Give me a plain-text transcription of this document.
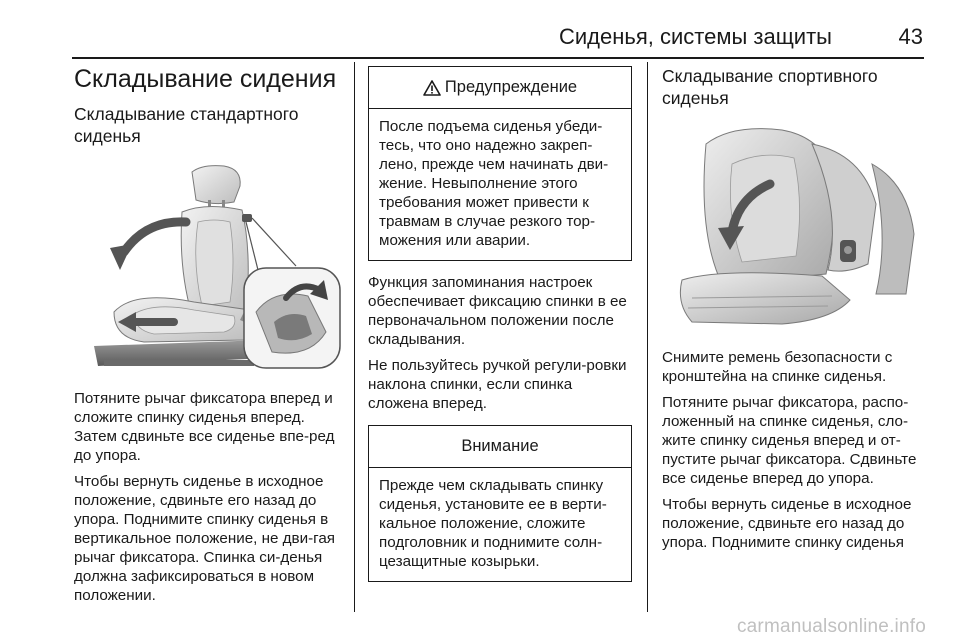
Сиденья, системы защиты	43
Складывание сидения
Складывание стандартного сиденья

Потяните рычаг фиксатора вперед и сложите спинку сиденья вперед. Затем сдвиньте все сиденье впе-ред до упора.

Чтобы вернуть сиденье в исходное положение, сдвиньте его назад до упора. Поднимите спинку сиденья в вертикальное положение, не дви-гая рычаг фиксатора. Спинка си-денья должна зафиксироваться в новом положении.

Предупреждение

После подъема сиденья убеди-тесь, что оно надежно закреп-лено, прежде чем начинать дви-жение. Невыполнение этого требования может привести к травмам в случае резкого тор-можения или аварии.

Функция запоминания настроек обеспечивает фиксацию спинки в ее первоначальном положении после складывания.

Не пользуйтесь ручкой регули-ровки наклона спинки, если спинка сложена вперед.

Внимание

Прежде чем складывать спинку сиденья, установите ее в верти-кальное положение, сложите подголовник и поднимите солн-цезащитные козырьки.

Складывание спортивного сиденья

Снимите ремень безопасности с кронштейна на спинке сиденья.

Потяните рычаг фиксатора, распо-ложенный на спинке сиденья, сло-жите спинку сиденья вперед и от-пустите рычаг фиксатора. Сдвиньте все сиденье вперед до упора.

Чтобы вернуть сиденье в исходное положение, сдвиньте его назад до упора. Поднимите спинку сиденья

carmanualsonline.info
